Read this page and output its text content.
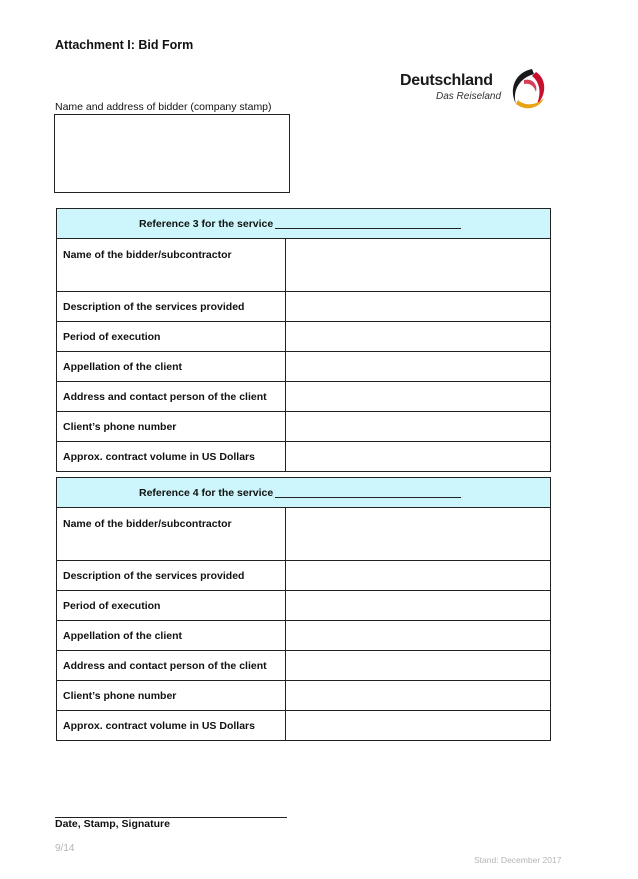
Attachment I: Bid Form
Deutschland
Das Reiseland
Name and address of bidder (company stamp)
Reference 3 for the service	
Name of the bidder/subcontractor	
Description of the services provided	
Period of execution	
Appellation of the client	
Address and contact person of the client	
Client’s phone number	
Approx. contract volume in US Dollars	
Reference 4 for the service	
Name of the bidder/subcontractor	
Description of the services provided	
Period of execution	
Appellation of the client	
Address and contact person of the client	
Client’s phone number	
Approx. contract volume in US Dollars	
Date, Stamp, Signature
9/14
Stand: December 2017
